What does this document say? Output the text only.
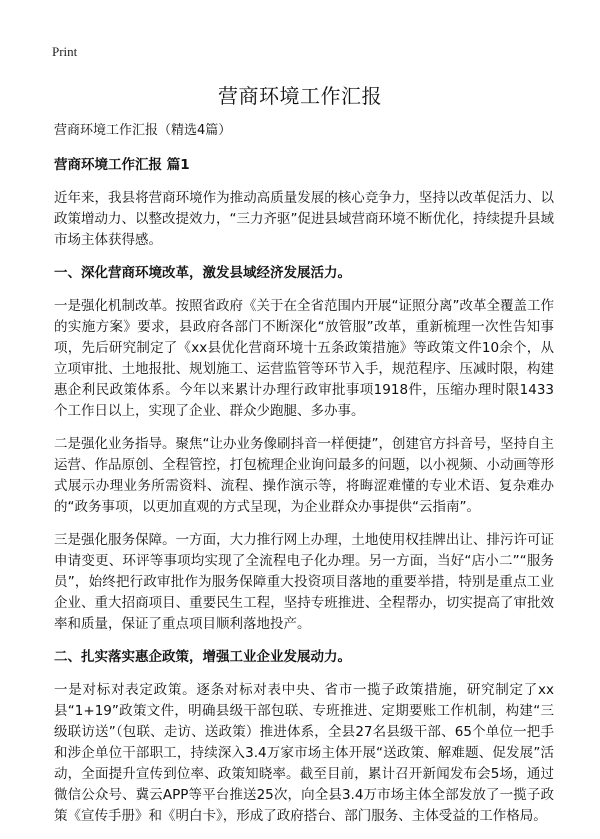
Print
营商环境工作汇报

营商环境工作汇报（精选4篇）

营商环境工作汇报 篇1

近年来，我县将营商环境作为推动高质量发展的核心竞争力，坚持以改革促活力、以政策增动力、以整改提效力，“三力齐驱”促进县域营商环境不断优化，持续提升县域市场主体获得感。

一、深化营商环境改革，激发县域经济发展活力。

一是强化机制改革。按照省政府《关于在全省范围内开展“证照分离”改革全覆盖工作的实施方案》要求，县政府各部门不断深化“放管服”改革，重新梳理一次性告知事项，先后研究制定了《xx县优化营商环境十五条政策措施》等政策文件10余个，从立项审批、土地报批、规划施工、运营监管等环节入手，规范程序、压减时限，构建惠企利民政策体系。今年以来累计办理行政审批事项1918件，压缩办理时限1433个工作日以上，实现了企业、群众少跑腿、多办事。

二是强化业务指导。聚焦“让办业务像刷抖音一样便捷”，创建官方抖音号，坚持自主运营、作品原创、全程管控，打包梳理企业询问最多的问题，以小视频、小动画等形式展示办理业务所需资料、流程、操作演示等，将晦涩难懂的专业术语、复杂难办的“政务事项，以更加直观的方式呈现，为企业群众办事提供“云指南”。

三是强化服务保障。一方面，大力推行网上办理，土地使用权挂牌出让、排污许可证申请变更、环评等事项均实现了全流程电子化办理。另一方面，当好“店小二”“服务员”，始终把行政审批作为服务保障重大投资项目落地的重要举措，特别是重点工业企业、重大招商项目、重要民生工程，坚持专班推进、全程帮办，切实提高了审批效率和质量，保证了重点项目顺利落地投产。

二、扎实落实惠企政策，增强工业企业发展动力。

一是对标对表定政策。逐条对标对表中央、省市一揽子政策措施，研究制定了xx县“1+19”政策文件，明确县级干部包联、专班推进、定期要账工作机制，构建“三级联访送”（包联、走访、送政策）推进体系，全县27名县级干部、65个单位一把手和涉企单位干部职工，持续深入3.4万家市场主体开展“送政策、解难题、促发展”活动，全面提升宣传到位率、政策知晓率。截至目前，累计召开新闻发布会5场，通过微信公众号、冀云APP等平台推送25次，向全县3.4万市场主体全部发放了一揽子政策《宣传手册》和《明白卡》，形成了政府搭台、部门服务、主体受益的工作格局。
